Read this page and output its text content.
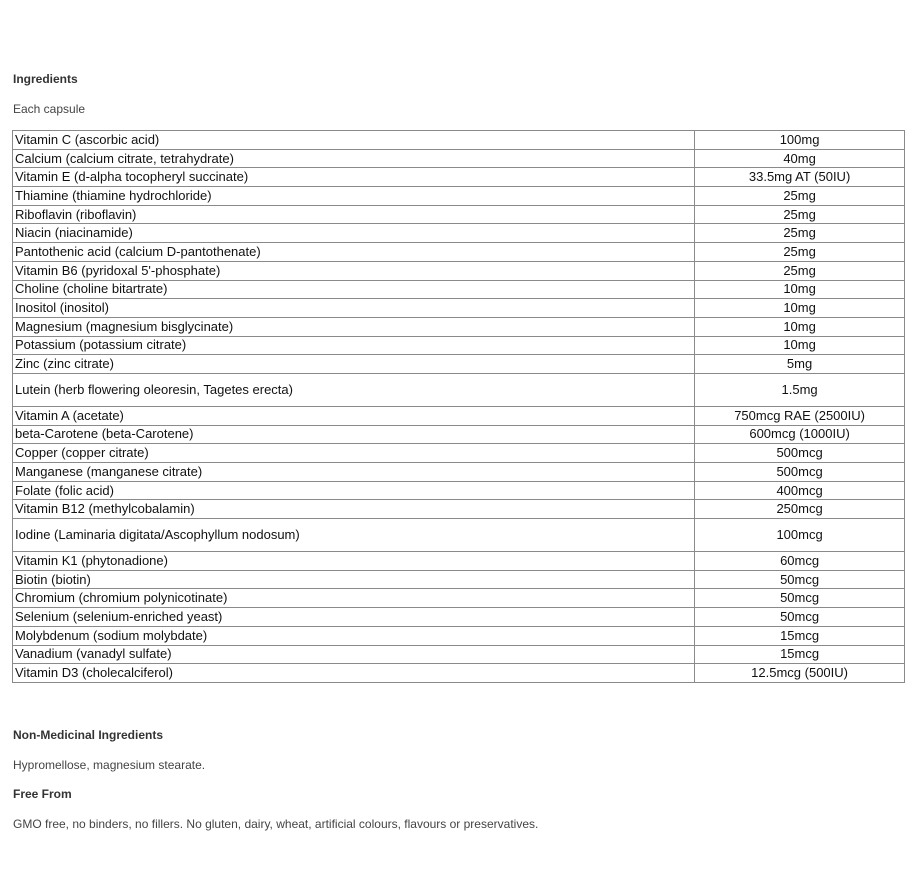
Ingredients

Each capsule

Vitamin C (ascorbic acid)	100mg
Calcium (calcium citrate, tetrahydrate)	40mg
Vitamin E (d-alpha tocopheryl succinate)	33.5mg AT (50IU)
Thiamine (thiamine hydrochloride)	25mg
Riboflavin (riboflavin)	25mg
Niacin (niacinamide)	25mg
Pantothenic acid (calcium D-pantothenate)	25mg
Vitamin B6 (pyridoxal 5'-phosphate)	25mg
Choline (choline bitartrate)	10mg
Inositol (inositol)	10mg
Magnesium (magnesium bisglycinate)	10mg
Potassium (potassium citrate)	10mg
Zinc (zinc citrate)	5mg
Lutein (herb flowering oleoresin, Tagetes erecta)	1.5mg
Vitamin A (acetate)	750mcg RAE (2500IU)
beta-Carotene (beta-Carotene)	600mcg (1000IU)
Copper (copper citrate)	500mcg
Manganese (manganese citrate)	500mcg
Folate (folic acid)	400mcg
Vitamin B12 (methylcobalamin)	250mcg
Iodine (Laminaria digitata/Ascophyllum nodosum)	100mcg
Vitamin K1 (phytonadione)	60mcg
Biotin (biotin)	50mcg
Chromium (chromium polynicotinate)	50mcg
Selenium (selenium-enriched yeast)	50mcg
Molybdenum (sodium molybdate)	15mcg
Vanadium (vanadyl sulfate)	15mcg
Vitamin D3 (cholecalciferol)	12.5mcg (500IU)
Non-Medicinal Ingredients

Hypromellose, magnesium stearate.

Free From

GMO free, no binders, no fillers. No gluten, dairy, wheat, artificial colours, flavours or preservatives.
